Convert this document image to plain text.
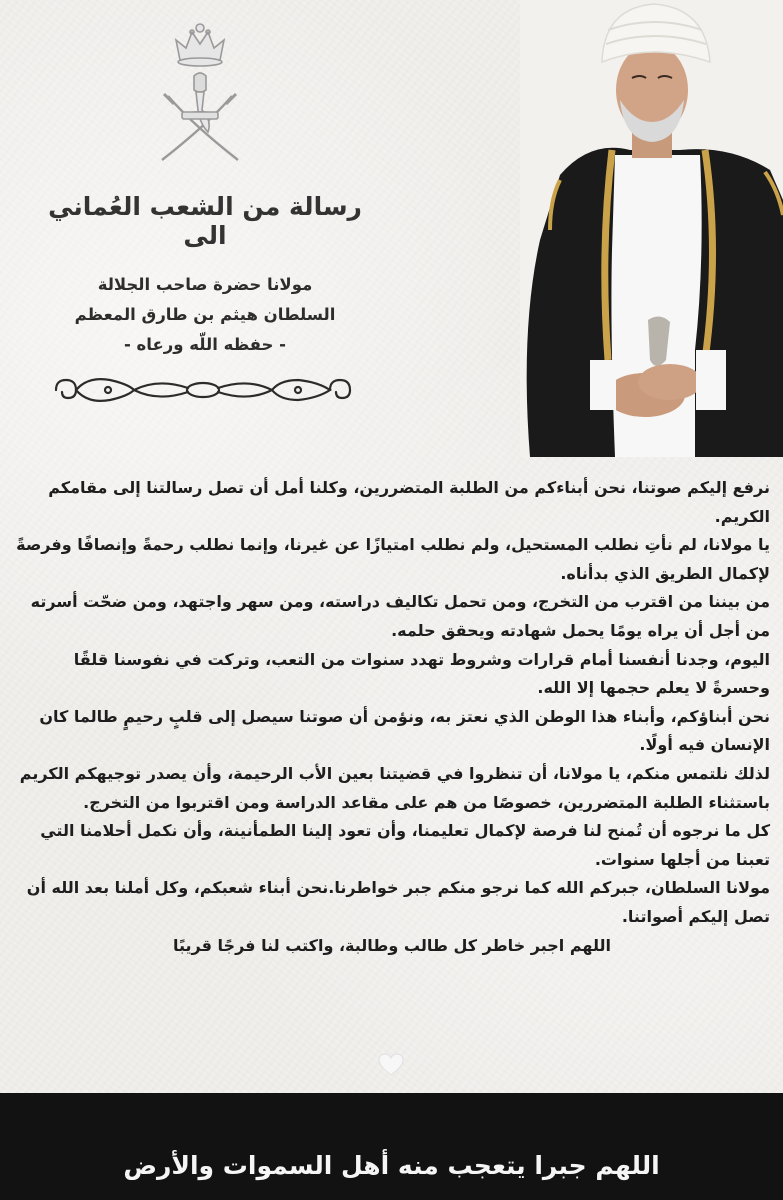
رسالة من الشعب العُماني الى
مولانا حضرة صاحب الجلالة
السلطان هيثم بن طارق المعظم
- حفظه اللّه ورعاه -

نرفع إليكم صوتنا، نحن أبناءكم من الطلبة المتضررين، وكلنا أمل أن تصل رسالتنا إلى مقامكم الكريم.

يا مولانا، لم نأتِ نطلب المستحيل، ولم نطلب امتيازًا عن غيرنا، وإنما نطلب رحمةً وإنصافًا وفرصةً لإكمال الطريق الذي بدأناه.

من بيننا من اقترب من التخرج، ومن تحمل تكاليف دراسته، ومن سهر واجتهد، ومن ضحّت أسرته من أجل أن يراه يومًا يحمل شهادته ويحقق حلمه.

اليوم، وجدنا أنفسنا أمام قرارات وشروط تهدد سنوات من التعب، وتركت في نفوسنا قلقًا وحسرةً لا يعلم حجمها إلا الله.

نحن أبناؤكم، وأبناء هذا الوطن الذي نعتز به، ونؤمن أن صوتنا سيصل إلى قلبٍ رحيمٍ طالما كان الإنسان فيه أولًا.

لذلك نلتمس منكم، يا مولانا، أن تنظروا في قضيتنا بعين الأب الرحيمة، وأن يصدر توجيهكم الكريم باستثناء الطلبة المتضررين، خصوصًا من هم على مقاعد الدراسة ومن اقتربوا من التخرج.

كل ما نرجوه أن تُمنح لنا فرصة لإكمال تعليمنا، وأن تعود إلينا الطمأنينة، وأن نكمل أحلامنا التي تعبنا من أجلها سنوات.

مولانا السلطان، جبركم الله كما نرجو منكم جبر خواطرنا.نحن أبناء شعبكم، وكل أملنا بعد الله أن تصل إليكم أصواتنا.

اللهم اجبر خاطر كل طالب وطالبة، واكتب لنا فرجًا قريبًا

اللهم جبرا يتعجب منه أهل السموات والأرض
